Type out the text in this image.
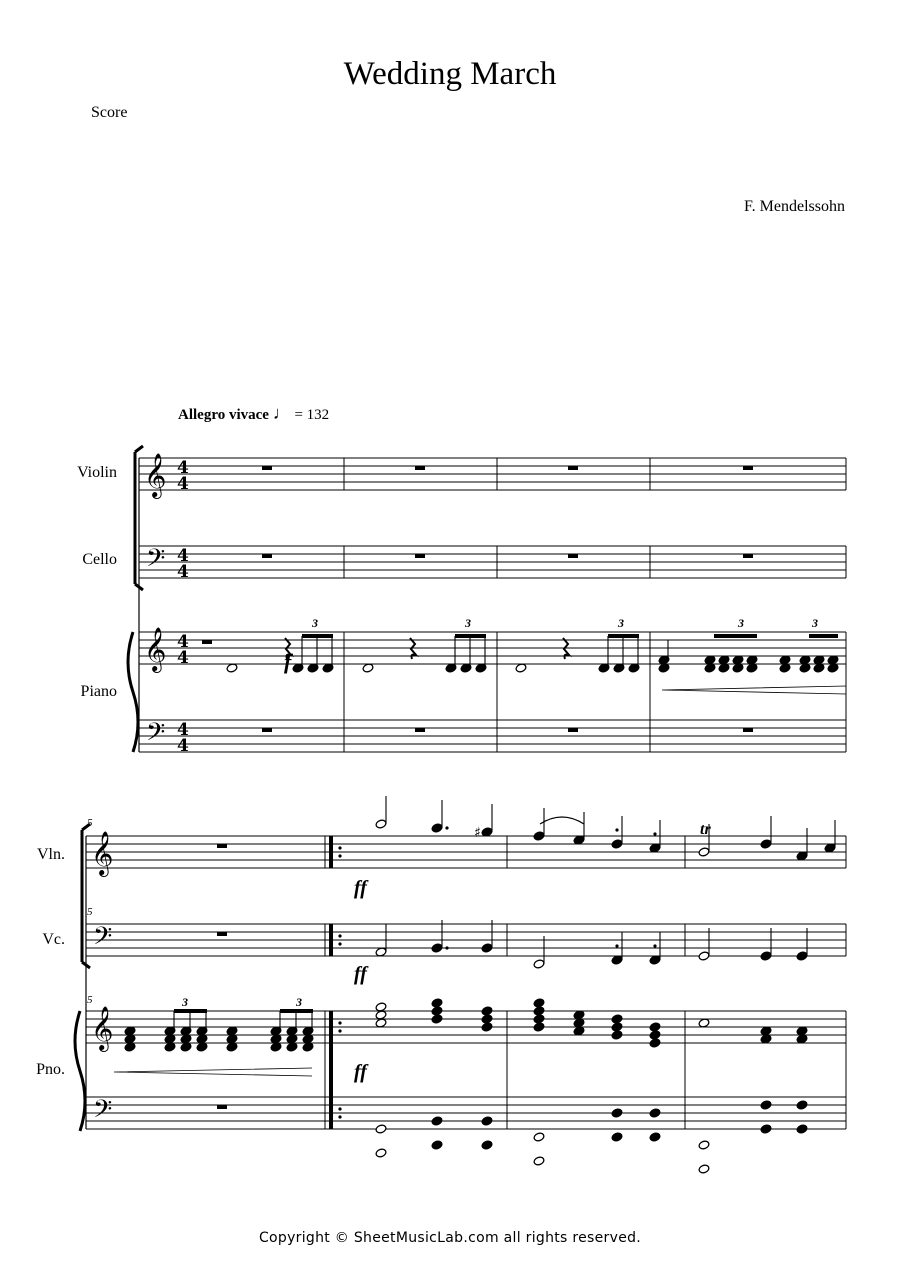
Wedding March
Score
F. Mendelssohn
Allegro vivace ♩ = 132
Violin
Cello
Piano
Vln.
Vc.
Pno.
𝄞
𝄢
𝄞
𝄢
4
4
4
4
4
4
4
4
𝄞
𝄢
𝄞
𝄢
♯
f
ff
ff
ff
tr
5
5
5
3	3	3	3	3
3	3
Copyright © SheetMusicLab.com all rights reserved.
